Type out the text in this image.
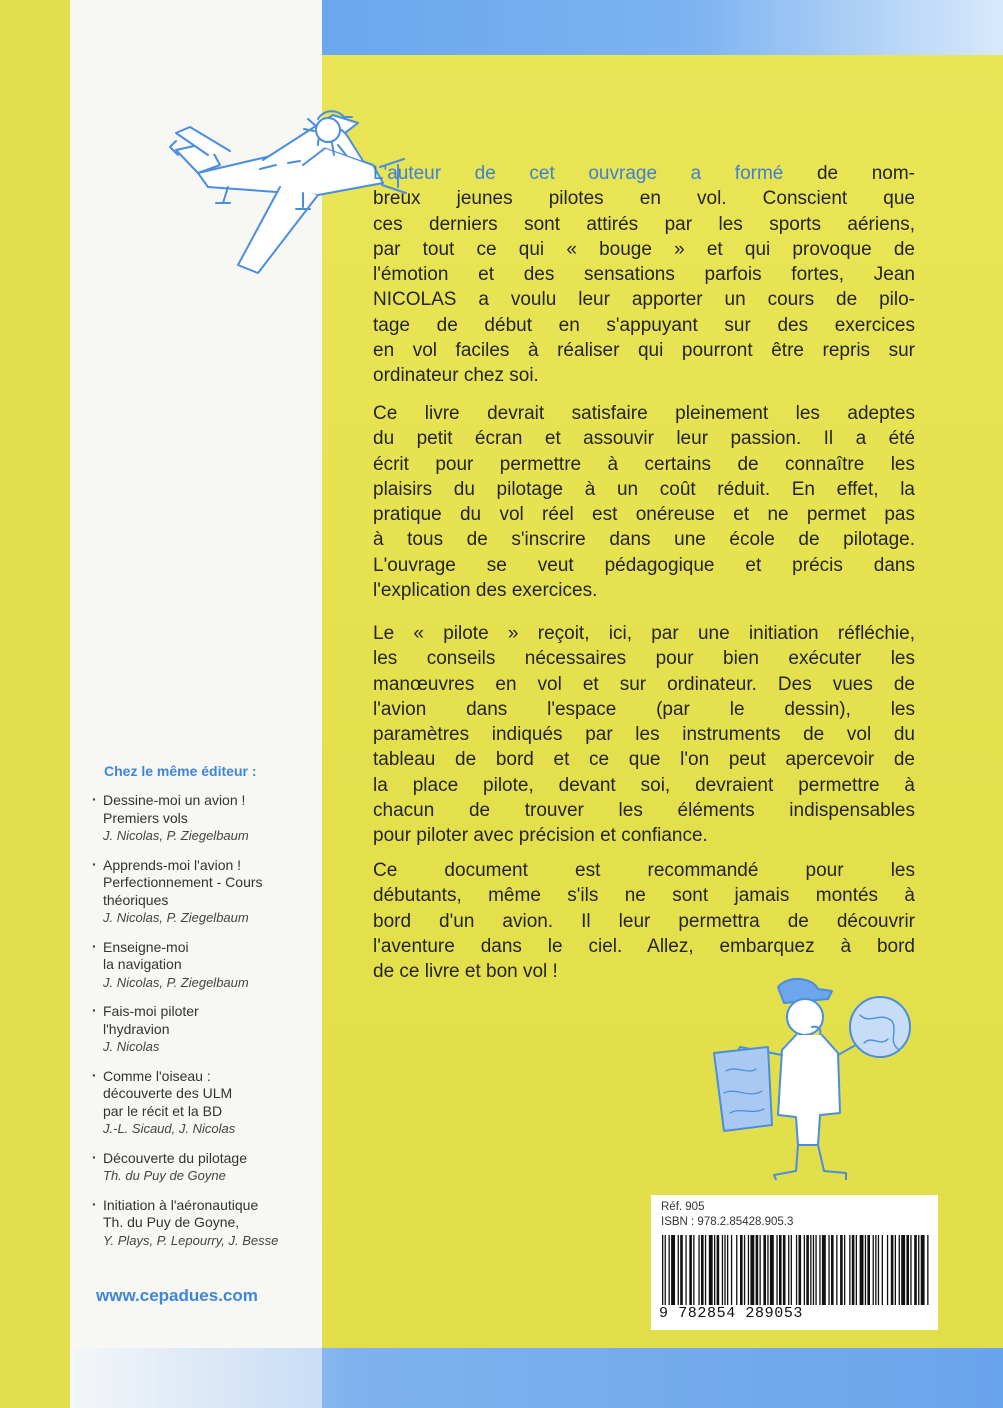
L'auteur de cet ouvrage a formé de nom-
breux jeunes pilotes en vol. Conscient que
ces derniers sont attirés par les sports aériens,
par tout ce qui « bouge » et qui provoque de
l'émotion et des sensations parfois fortes, Jean
NICOLAS a voulu leur apporter un cours de pilo-
tage de début en s'appuyant sur des exercices
en vol faciles à réaliser qui pourront être repris sur
ordinateur chez soi.
Ce livre devrait satisfaire pleinement les adeptes
du petit écran et assouvir leur passion. Il a été
écrit pour permettre à certains de connaître les
plaisirs du pilotage à un coût réduit. En effet, la
pratique du vol réel est onéreuse et ne permet pas
à tous de s'inscrire dans une école de pilotage.
L'ouvrage se veut pédagogique et précis dans
l'explication des exercices.
Le « pilote » reçoit, ici, par une initiation réfléchie,
les conseils nécessaires pour bien exécuter les
manœuvres en vol et sur ordinateur. Des vues de
l'avion dans l'espace (par le dessin), les
paramètres indiqués par les instruments de vol du
tableau de bord et ce que l'on peut apercevoir de
la place pilote, devant soi, devraient permettre à
chacun de trouver les éléments indispensables
pour piloter avec précision et confiance.
Ce document est recommandé pour les
débutants, même s'ils ne sont jamais montés à
bord d'un avion. Il leur permettra de découvrir
l'aventure dans le ciel. Allez, embarquez à bord
de ce livre et bon vol !
Chez le même éditeur :
· Dessine-moi un avion !
Premiers vols
J. Nicolas, P. Ziegelbaum
· Apprends-moi l'avion !
Perfectionnement - Cours
théoriques
J. Nicolas, P. Ziegelbaum
· Enseigne-moi
la navigation
J. Nicolas, P. Ziegelbaum
· Fais-moi piloter
l'hydravion
J. Nicolas
· Comme l'oiseau :
découverte des ULM
par le récit et la BD
J.-L. Sicaud, J. Nicolas
· Découverte du pilotage
Th. du Puy de Goyne
· Initiation à l'aéronautique
Th. du Puy de Goyne,
Y. Plays, P. Lepourry, J. Besse
www.cepadues.com
Réf. 905
ISBN : 978.2.85428.905.3
9 782854 289053
